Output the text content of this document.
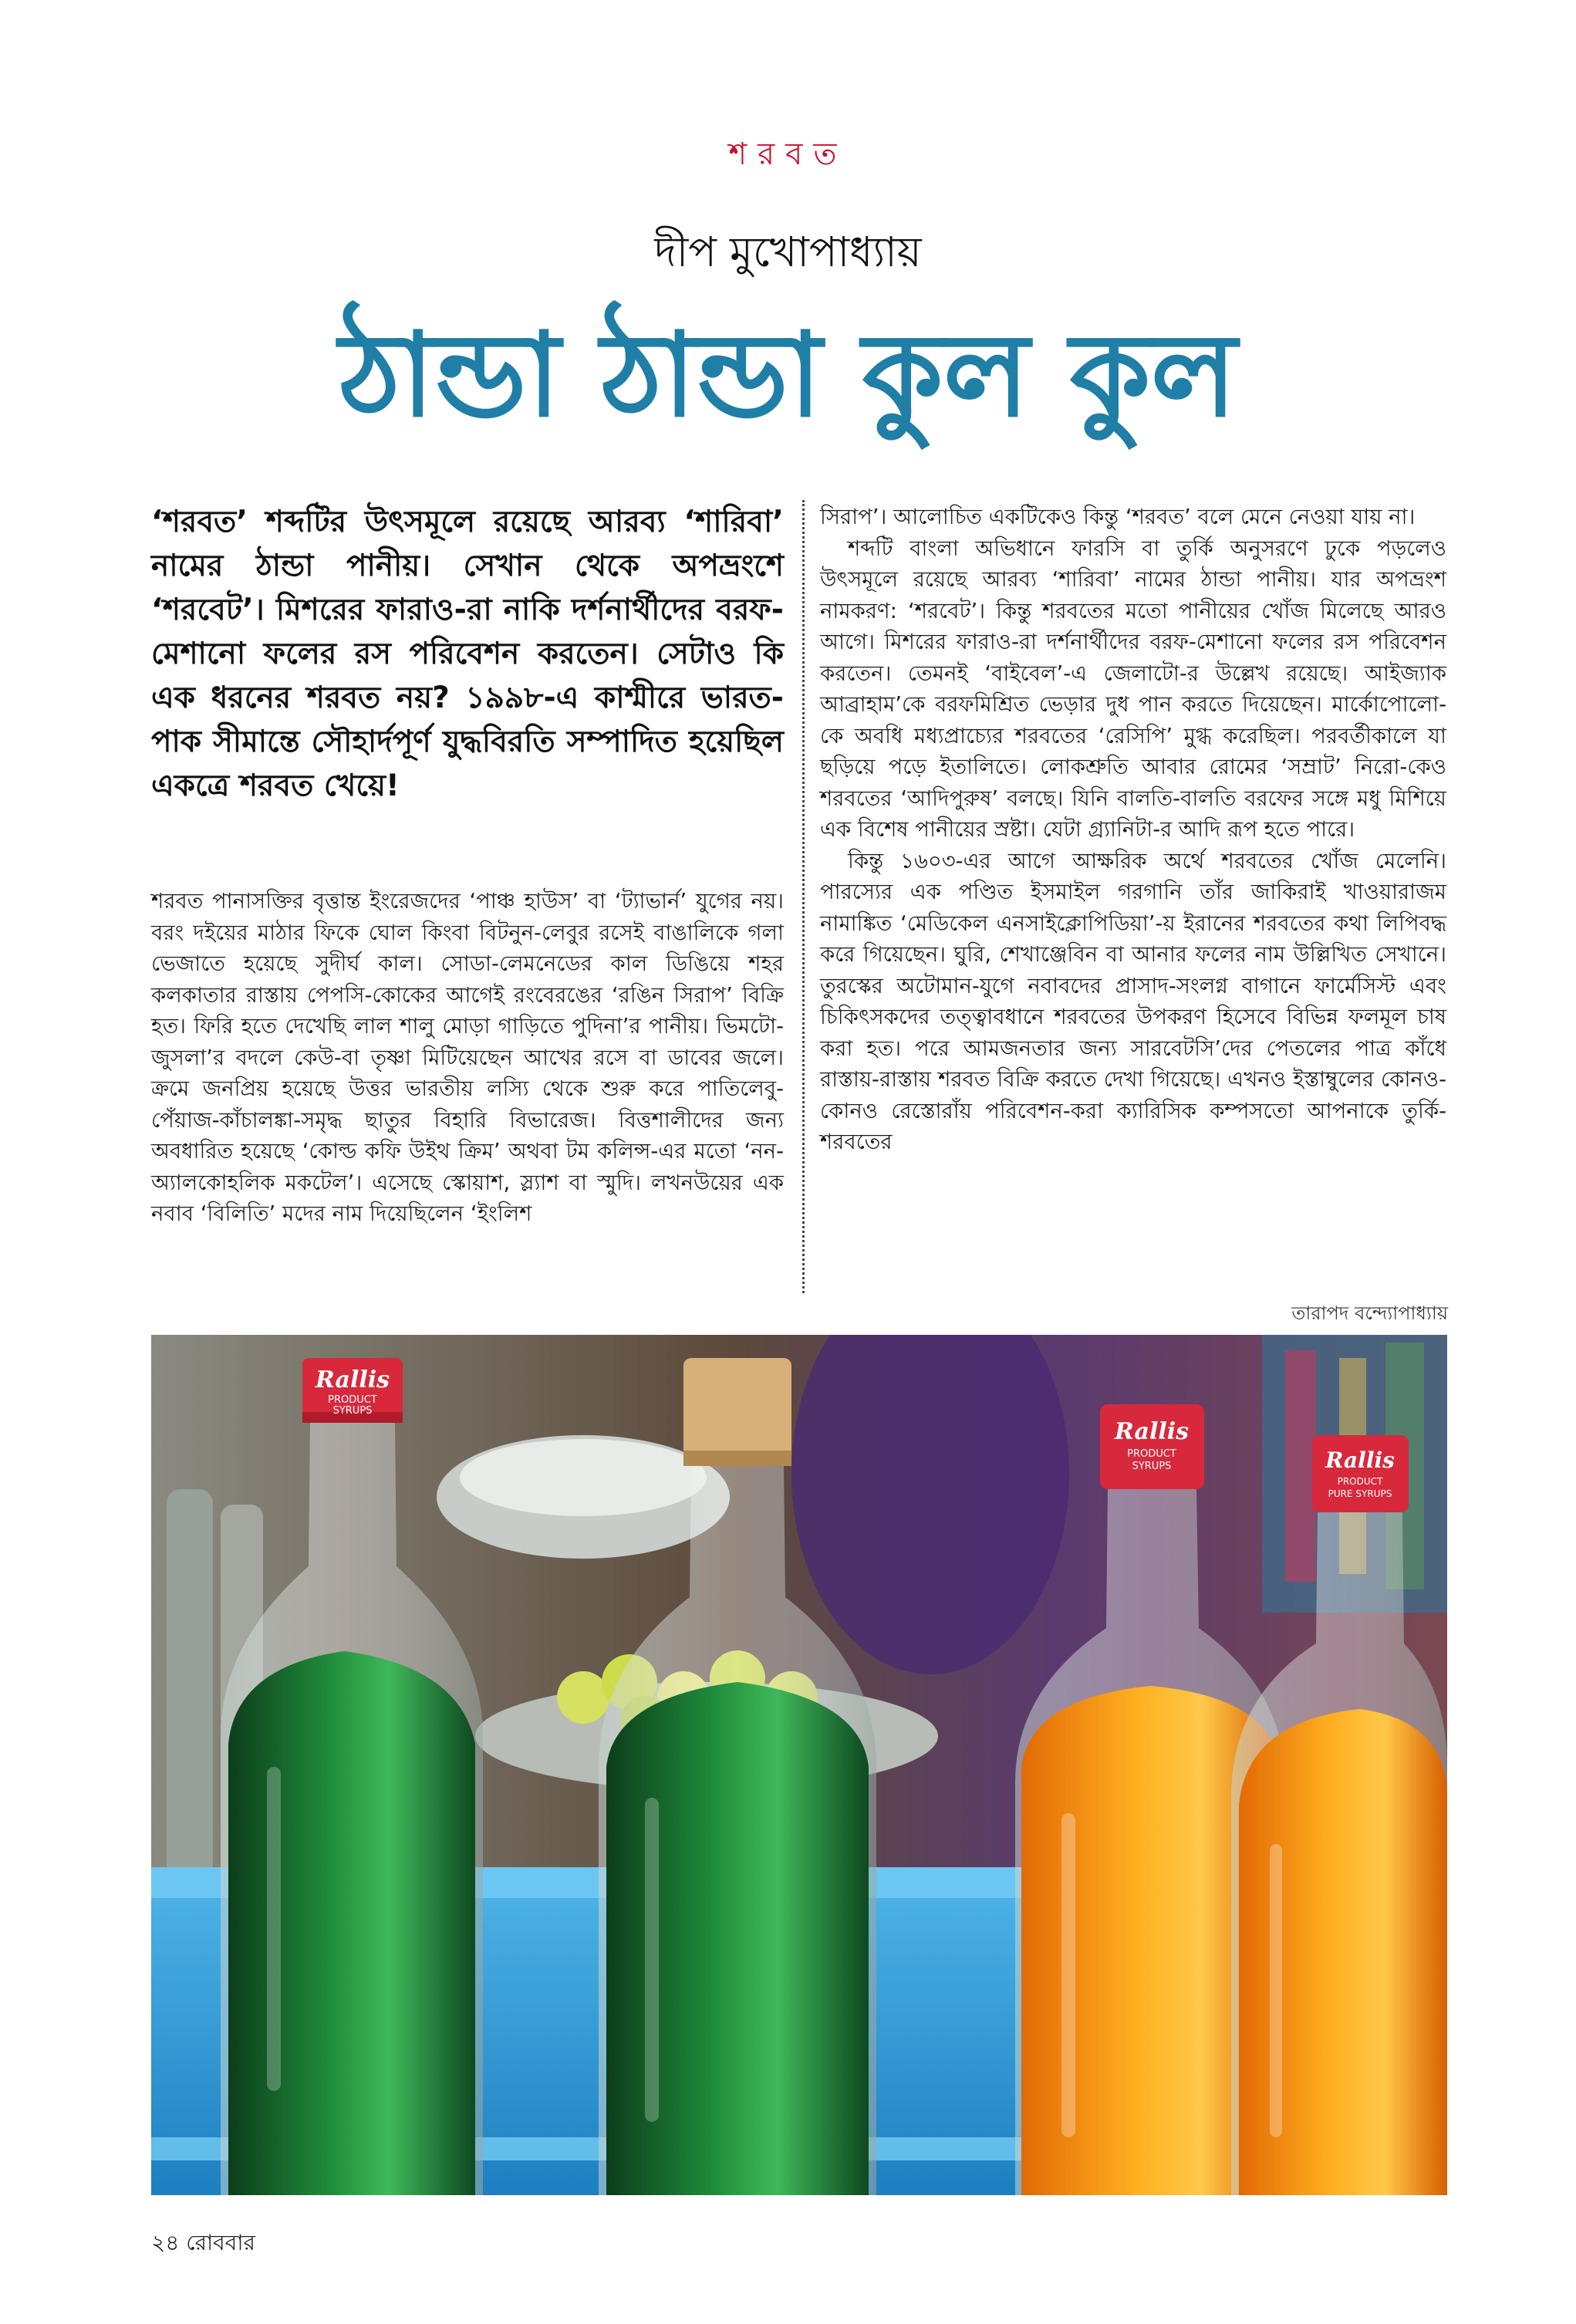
শরবত
দীপ মুখোপাধ্যায়
ঠান্ডা ঠান্ডা কুল কুল

‘শরবত’ শব্দটির উৎসমূলে রয়েছে আরব্য ‘শারিবা’ নামের ঠান্ডা পানীয়। সেখান থেকে অপভ্রংশে ‘শরবেট’। মিশরের ফারাও-রা নাকি দর্শনার্থীদের বরফ-মেশানো ফলের রস পরিবেশন করতেন। সেটাও কি এক ধরনের শরবত নয়? ১৯৯৮-এ কাশ্মীরে ভারত-পাক সীমান্তে সৌহার্দপূর্ণ যুদ্ধবিরতি সম্পাদিত হয়েছিল একত্রে শরবত খেয়ে!

শরবত পানাসক্তির বৃত্তান্ত ইংরেজদের ‘পাঞ্চ হাউস’ বা ‘ট্যাভার্ন’ যুগের নয়। বরং দইয়ের মাঠার ফিকে ঘোল কিংবা বিটনুন-লেবুর রসেই বাঙালিকে গলা ভেজাতে হয়েছে সুদীর্ঘ কাল। সোডা-লেমনেডের কাল ডিঙিয়ে শহর কলকাতার রাস্তায় পেপসি-কোকের আগেই রংবেরঙের ‘রঙিন সিরাপ’ বিক্রি হত। ফিরি হতে দেখেছি লাল শালু মোড়া গাড়িতে পুদিনা’র পানীয়। ভিমটো-জুসলা’র বদলে কেউ-বা তৃষ্ণা মিটিয়েছেন আখের রসে বা ডাবের জলে। ক্রমে জনপ্রিয় হয়েছে উত্তর ভারতীয় লস্যি থেকে শুরু করে পাতিলেবু-পেঁয়াজ-কাঁচালঙ্কা-সমৃদ্ধ ছাতুর বিহারি বিভারেজ। বিত্তশালীদের জন্য অবধারিত হয়েছে ‘কোল্ড কফি উইথ ক্রিম’ অথবা টম কলিন্স-এর মতো ‘নন-অ্যালকোহলিক মকটেল’। এসেছে স্কোয়াশ, স্ল্যাশ বা স্মুদি। লখনউয়ের এক নবাব ‘বিলিতি’ মদের নাম দিয়েছিলেন ‘ইংলিশ

সিরাপ’। আলোচিত একটিকেও কিন্তু ‘শরবত’ বলে মেনে নেওয়া যায় না।

শব্দটি বাংলা অভিধানে ফারসি বা তুর্কি অনুসরণে ঢুকে পড়লেও উৎসমূলে রয়েছে আরব্য ‘শারিবা’ নামের ঠান্ডা পানীয়। যার অপভ্রংশ নামকরণ: ‘শরবেট’। কিন্তু শরবতের মতো পানীয়ের খোঁজ মিলেছে আরও আগে। মিশরের ফারাও-রা দর্শনার্থীদের বরফ-মেশানো ফলের রস পরিবেশন করতেন। তেমনই ‘বাইবেল’-এ জেলাটো-র উল্লেখ রয়েছে। আইজ্যাক আব্রাহাম’কে বরফমিশ্রিত ভেড়ার দুধ পান করতে দিয়েছেন। মার্কোপোলো-কে অবধি মধ্যপ্রাচ্যের শরবতের ‘রেসিপি’ মুগ্ধ করেছিল। পরবর্তীকালে যা ছড়িয়ে পড়ে ইতালিতে। লোকশ্রুতি আবার রোমের ‘সম্রাট’ নিরো-কেও শরবতের ‘আদিপুরুষ’ বলছে। যিনি বালতি-বালতি বরফের সঙ্গে মধু মিশিয়ে এক বিশেষ পানীয়ের স্রষ্টা। যেটা গ্র্যানিটা-র আদি রূপ হতে পারে।

কিন্তু ১৬০৩-এর আগে আক্ষরিক অর্থে শরবতের খোঁজ মেলেনি। পারস্যের এক পণ্ডিত ইসমাইল গরগানি তাঁর জাকিরাই খাওয়ারাজম নামাঙ্কিত ‘মেডিকেল এনসাইক্লোপিডিয়া’-য় ইরানের শরবতের কথা লিপিবদ্ধ করে গিয়েছেন। ঘুরি, শেখাঞ্জেবিন বা আনার ফলের নাম উল্লিখিত সেখানে। তুরস্কের অটোমান-যুগে নবাবদের প্রাসাদ-সংলগ্ন বাগানে ফার্মেসিস্ট এবং চিকিৎসকদের তত্ত্বাবধানে শরবতের উপকরণ হিসেবে বিভিন্ন ফলমূল চাষ করা হত। পরে আমজনতার জন্য সারবেটসি’দের পেতলের পাত্র কাঁধে রাস্তায়-রাস্তায় শরবত বিক্রি করতে দেখা গিয়েছে। এখনও ইস্তাম্বুলের কোনও-কোনও রেস্তোরাঁয় পরিবেশন-করা ক্যারিসিক কম্পসতো আপনাকে তুর্কি-শরবতের

তারাপদ বন্দ্যোপাধ্যায়
Rallis
PRODUCT
SYRUPS
Rallis
PRODUCT
SYRUPS	Rallis
PRODUCT
PURE SYRUPS
২৪ রোববার
